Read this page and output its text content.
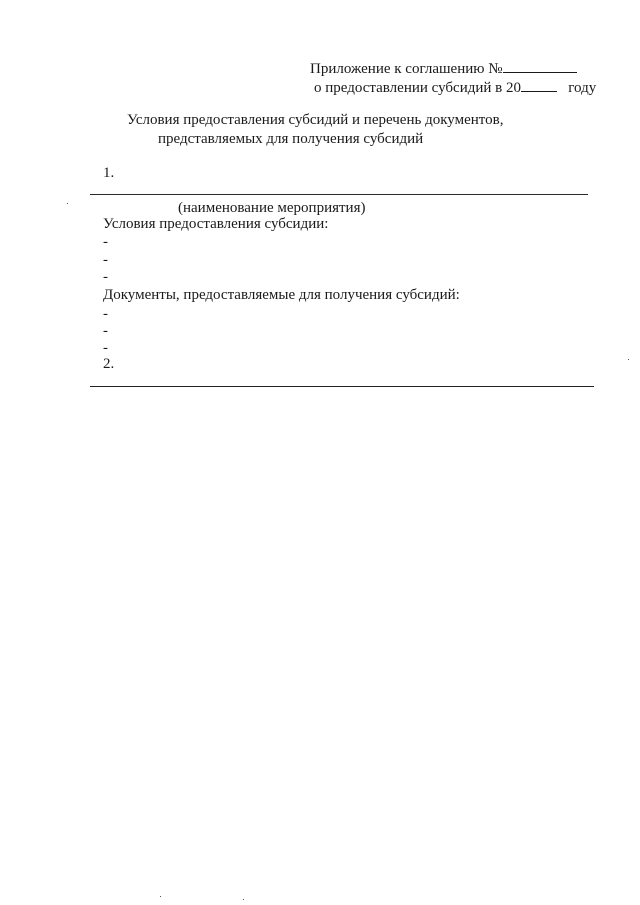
Приложение к соглашению №
о предоставлении субсидий в 20	году
Условия предоставления субсидий и перечень документов,
представляемых для получения субсидий
1.
(наименование мероприятия)
Условия предоставления субсидии:
-
-
-
Документы, предоставляемые для получения субсидий:
-
-
-
2.
